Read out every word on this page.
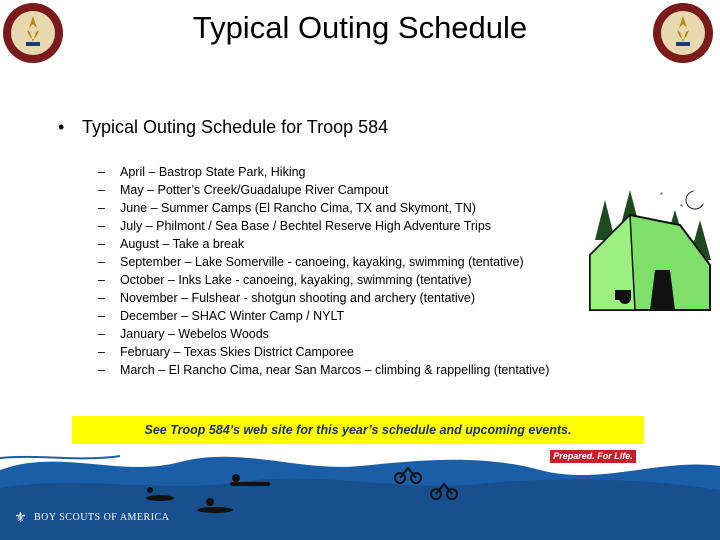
Typical Outing Schedule
• Typical Outing Schedule for Troop 584
– April – Bastrop State Park, Hiking
– May – Potter’s Creek/Guadalupe River Campout
– June – Summer Camps (El Rancho Cima, TX and Skymont, TN)
– July – Philmont / Sea Base / Bechtel Reserve High Adventure Trips
– August – Take a break
– September – Lake Somerville - canoeing, kayaking, swimming (tentative)
– October – Inks Lake - canoeing, kayaking, swimming (tentative)
– November – Fulshear - shotgun shooting and archery (tentative)
– December – SHAC Winter Camp / NYLT
– January – Webelos Woods
– February – Texas Skies District Camporee
– March – El Rancho Cima, near San Marcos – climbing & rappelling (tentative)
*
*
See Troop 584’s web site for this year’s schedule and upcoming events.
⚜
Prepared. For Life.
BOY SCOUTS OF AMERICA
